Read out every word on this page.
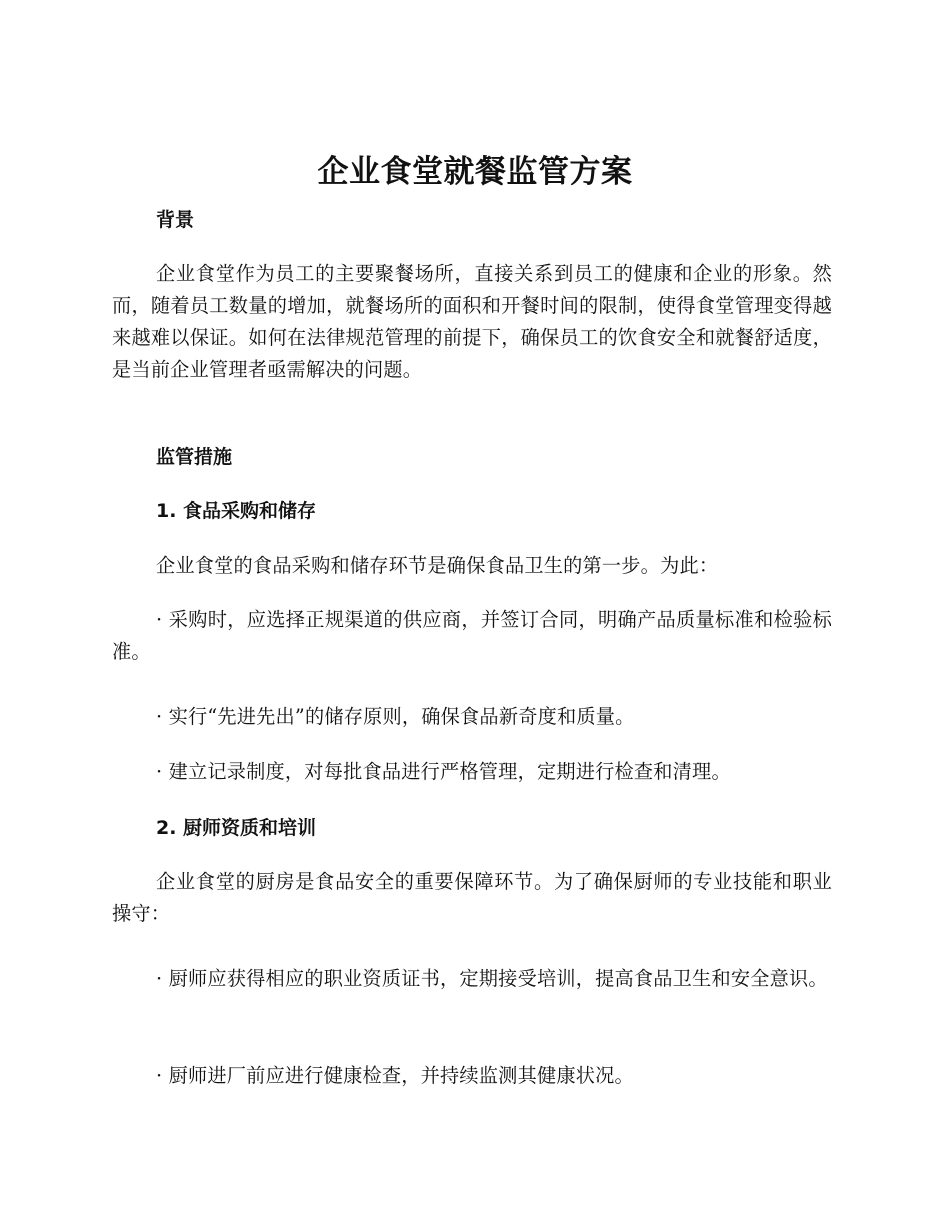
企业食堂就餐监管方案
背景
企业食堂作为员工的主要聚餐场所，直接关系到员工的健康和企业的形象。然而，随着员工数量的增加，就餐场所的面积和开餐时间的限制，使得食堂管理变得越来越难以保证。如何在法律规范管理的前提下，确保员工的饮食安全和就餐舒适度，是当前企业管理者亟需解决的问题。
监管措施
1. 食品采购和储存
企业食堂的食品采购和储存环节是确保食品卫生的第一步。为此：
· 采购时，应选择正规渠道的供应商，并签订合同，明确产品质量标准和检验标准。
· 实行“先进先出”的储存原则，确保食品新奇度和质量。
· 建立记录制度，对每批食品进行严格管理，定期进行检查和清理。
2. 厨师资质和培训
企业食堂的厨房是食品安全的重要保障环节。为了确保厨师的专业技能和职业操守：
· 厨师应获得相应的职业资质证书，定期接受培训，提高食品卫生和安全意识。
· 厨师进厂前应进行健康检查，并持续监测其健康状况。
